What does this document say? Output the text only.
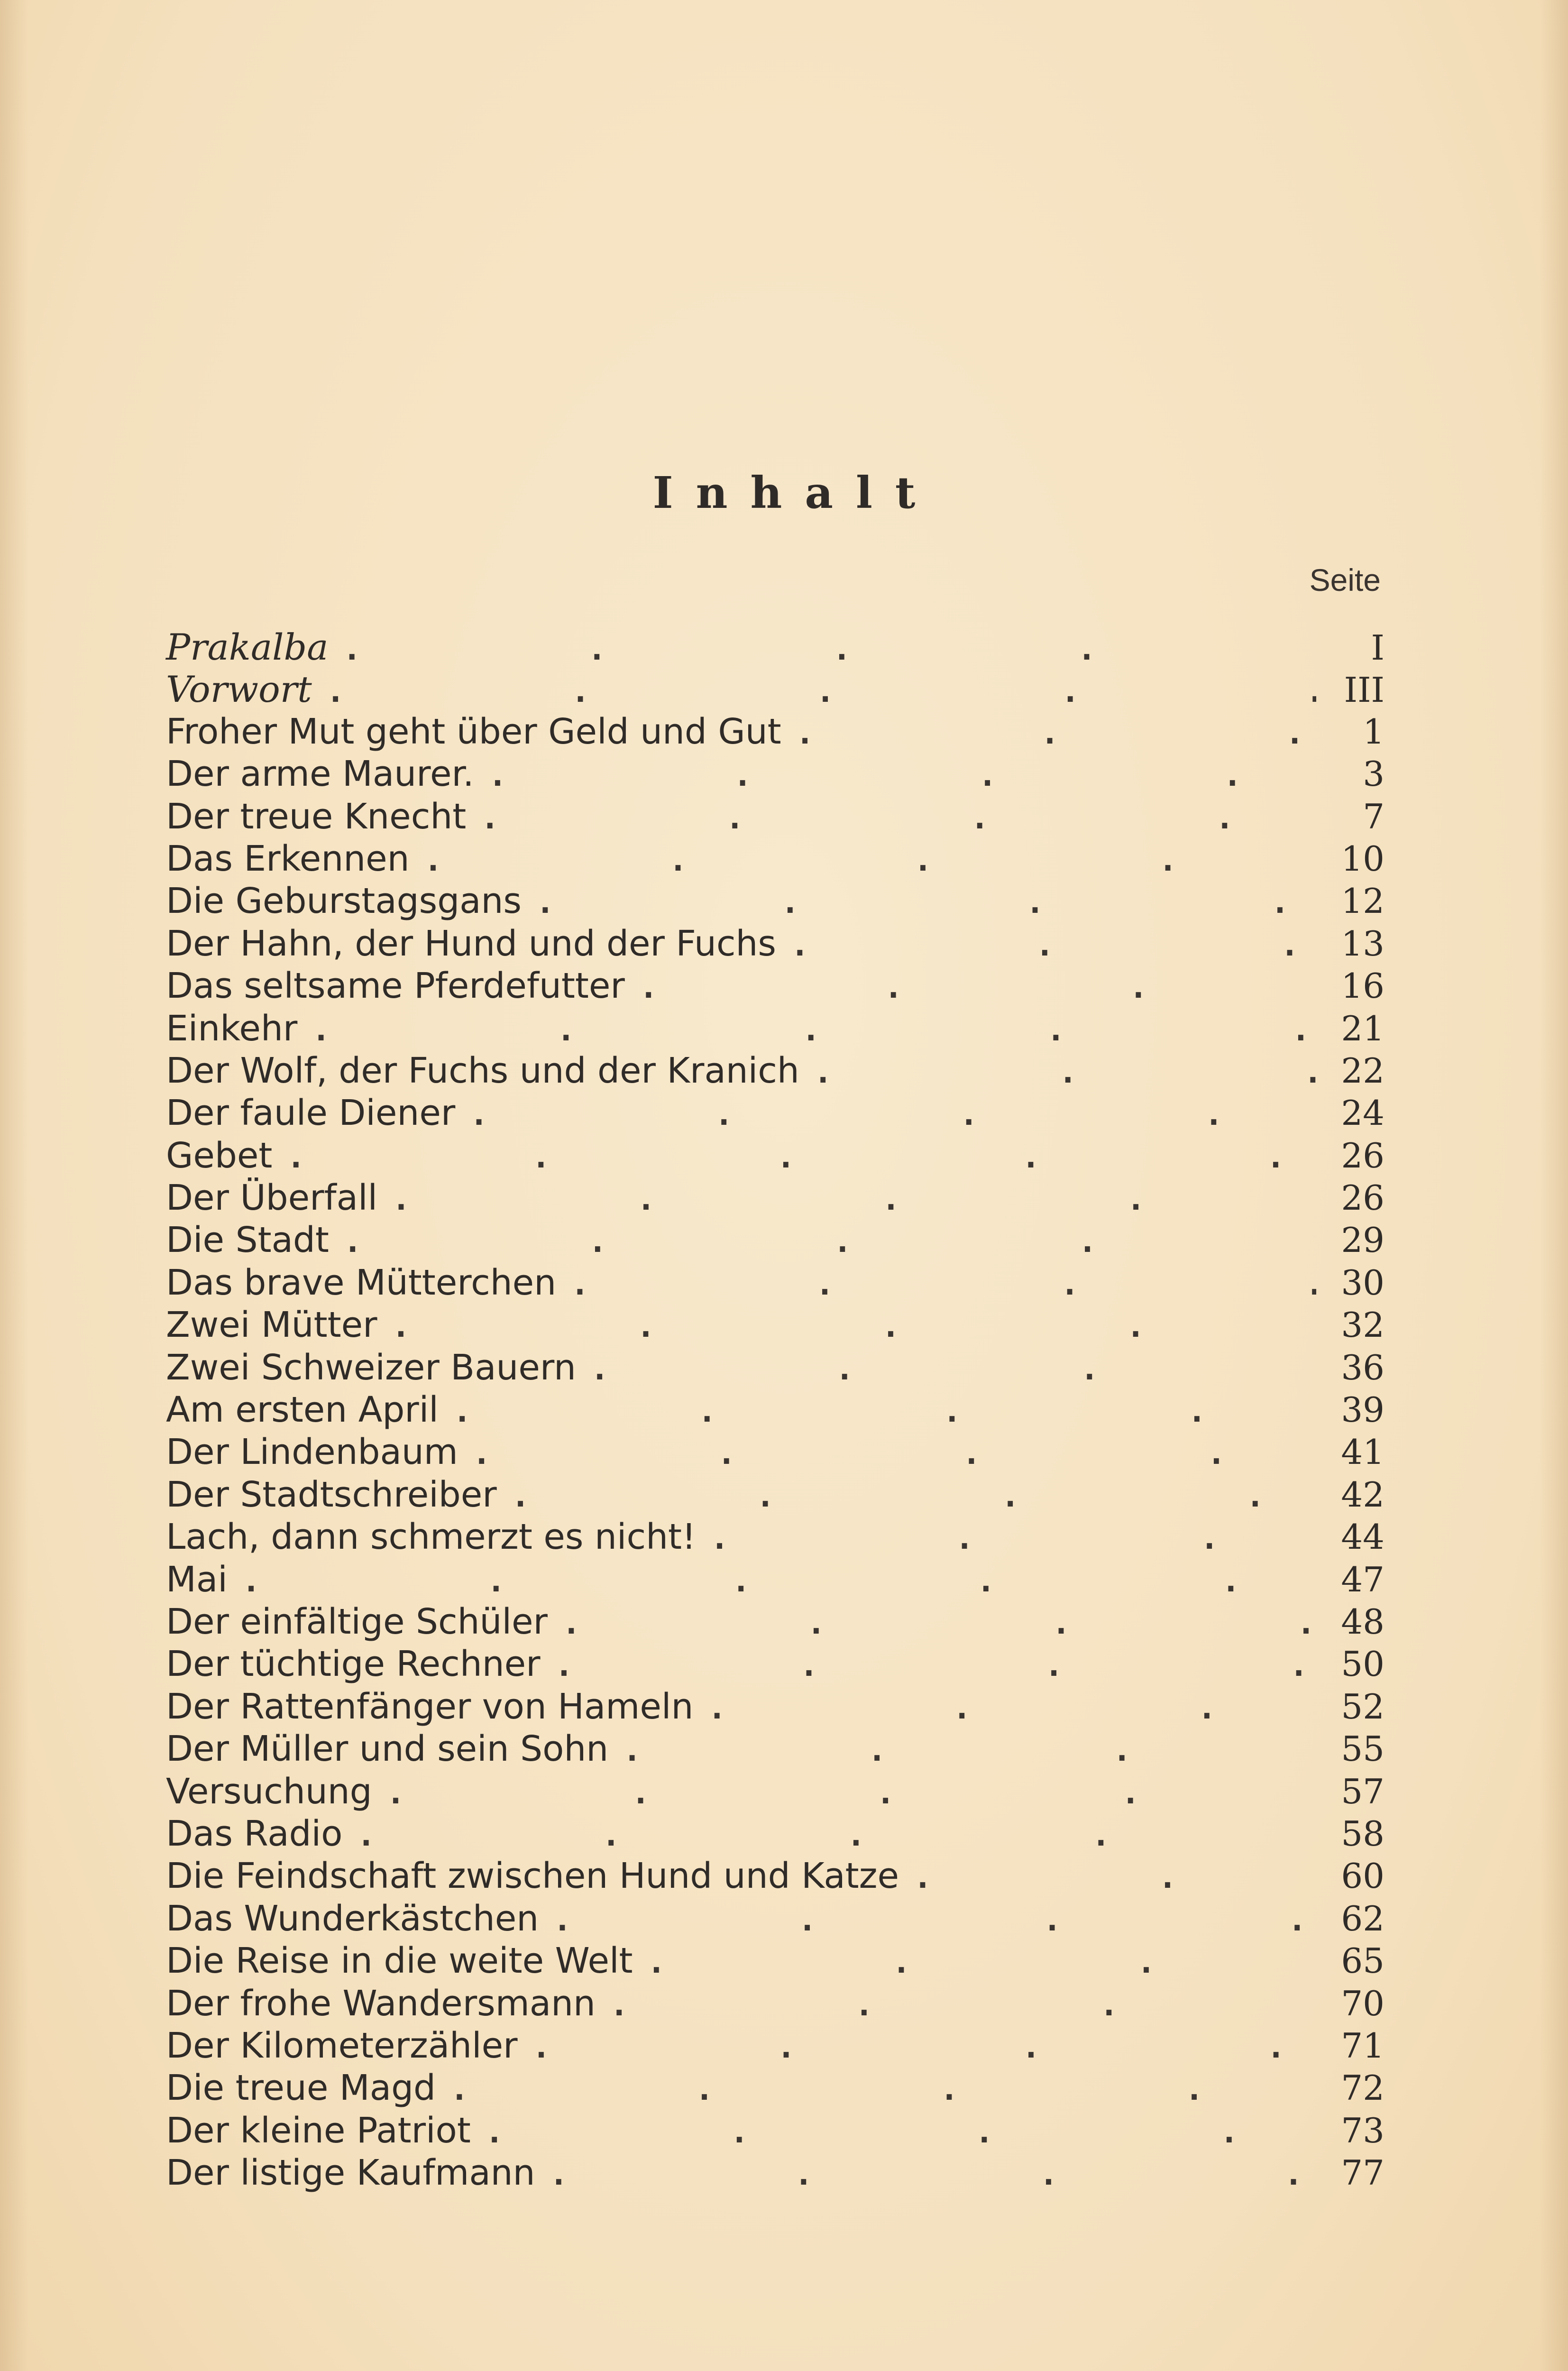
Inhalt
Seite
Prakalba .	I
Vorwort .	III
Froher Mut geht über Geld und Gut .	1
Der arme Maurer. .	3
Der treue Knecht .	7
Das Erkennen .	10
Die Geburstagsgans .	12
Der Hahn, der Hund und der Fuchs .	13
Das seltsame Pferdefutter .	16
Einkehr .	21
Der Wolf, der Fuchs und der Kranich .	22
Der faule Diener .	24
Gebet .	26
Der Überfall .	26
Die Stadt .	29
Das brave Mütterchen .	30
Zwei Mütter .	32
Zwei Schweizer Bauern .	36
Am ersten April .	39
Der Lindenbaum .	41
Der Stadtschreiber .	42
Lach, dann schmerzt es nicht! .	44
Mai .	47
Der einfältige Schüler .	48
Der tüchtige Rechner .	50
Der Rattenfänger von Hameln .	52
Der Müller und sein Sohn .	55
Versuchung .	57
Das Radio .	58
Die Feindschaft zwischen Hund und Katze .	60
Das Wunderkästchen .	62
Die Reise in die weite Welt .	65
Der frohe Wandersmann .	70
Der Kilometerzähler .	71
Die treue Magd .	72
Der kleine Patriot .	73
Der listige Kaufmann .	77
